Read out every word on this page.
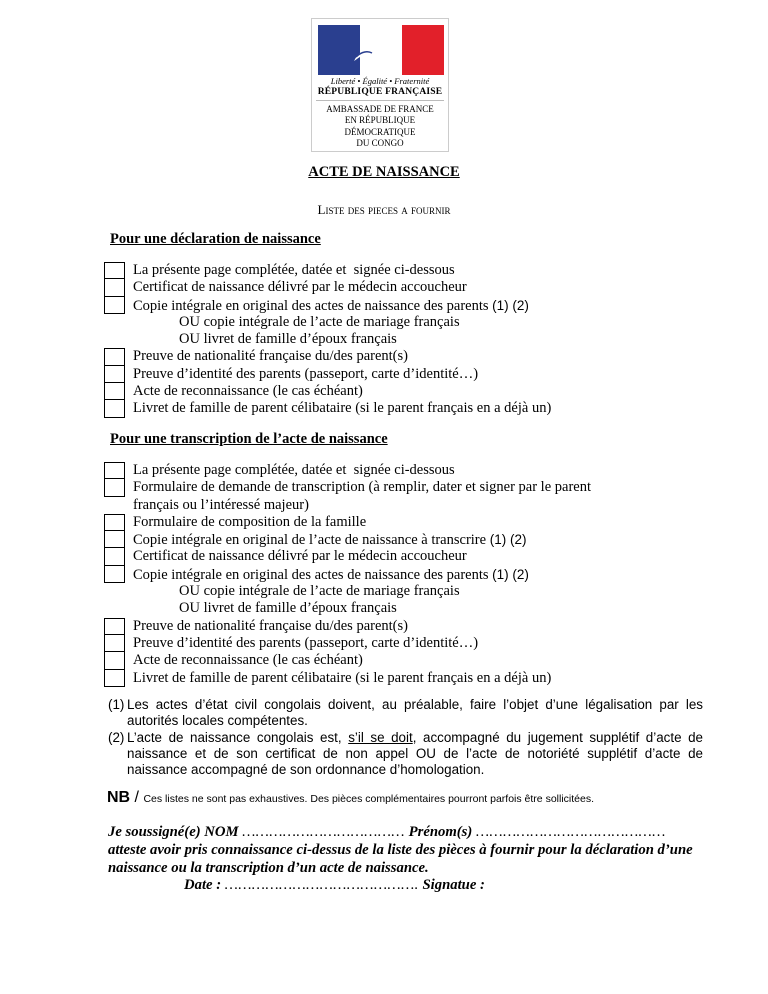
Liberté • Égalité • Fraternité
RÉPUBLIQUE FRANÇAISE
AMBASSADE DE FRANCE
EN RÉPUBLIQUE
DÉMOCRATIQUE
DU CONGO
ACTE DE NAISSANCE
Liste des pieces a fournir
Pour une déclaration de naissance
La présente page complétée, datée et  signée ci-dessous
Certificat de naissance délivré par le médecin accoucheur
Copie intégrale en original des actes de naissance des parents (1) (2)
OU copie intégrale de l’acte de mariage français
OU livret de famille d’époux français
Preuve de nationalité française du/des parent(s)
Preuve d’identité des parents (passeport, carte d’identité…)
Acte de reconnaissance (le cas échéant)
Livret de famille de parent célibataire (si le parent français en a déjà un)
Pour une transcription de l’acte de naissance
La présente page complétée, datée et  signée ci-dessous
Formulaire de demande de transcription (à remplir, dater et signer par le parent
français ou l’intéressé majeur)
Formulaire de composition de la famille
Copie intégrale en original de l’acte de naissance à transcrire (1) (2)
Certificat de naissance délivré par le médecin accoucheur
Copie intégrale en original des actes de naissance des parents (1) (2)
OU copie intégrale de l’acte de mariage français
OU livret de famille d’époux français
Preuve de nationalité française du/des parent(s)
Preuve d’identité des parents (passeport, carte d’identité…)
Acte de reconnaissance (le cas échéant)
Livret de famille de parent célibataire (si le parent français en a déjà un)
(1) Les actes d’état civil congolais doivent, au préalable, faire l’objet d’une légalisation par les autorités locales compétentes.
(2) L’acte de naissance congolais est, s’il se doit, accompagné du jugement supplétif d’acte de naissance et de son certificat de non appel OU de l’acte de notoriété supplétif d’acte de naissance accompagné de son ordonnance d’homologation.
NB / Ces listes ne sont pas exhaustives. Des pièces complémentaires pourront parfois être sollicitées.
Je soussigné(e) NOM ……………………………… Prénom(s) ……………………………………
atteste avoir pris connaissance ci-dessus de la liste des pièces à fournir pour la déclaration d’une naissance ou la transcription d’un acte de naissance.
Date : ……………………………………. Signatue :
